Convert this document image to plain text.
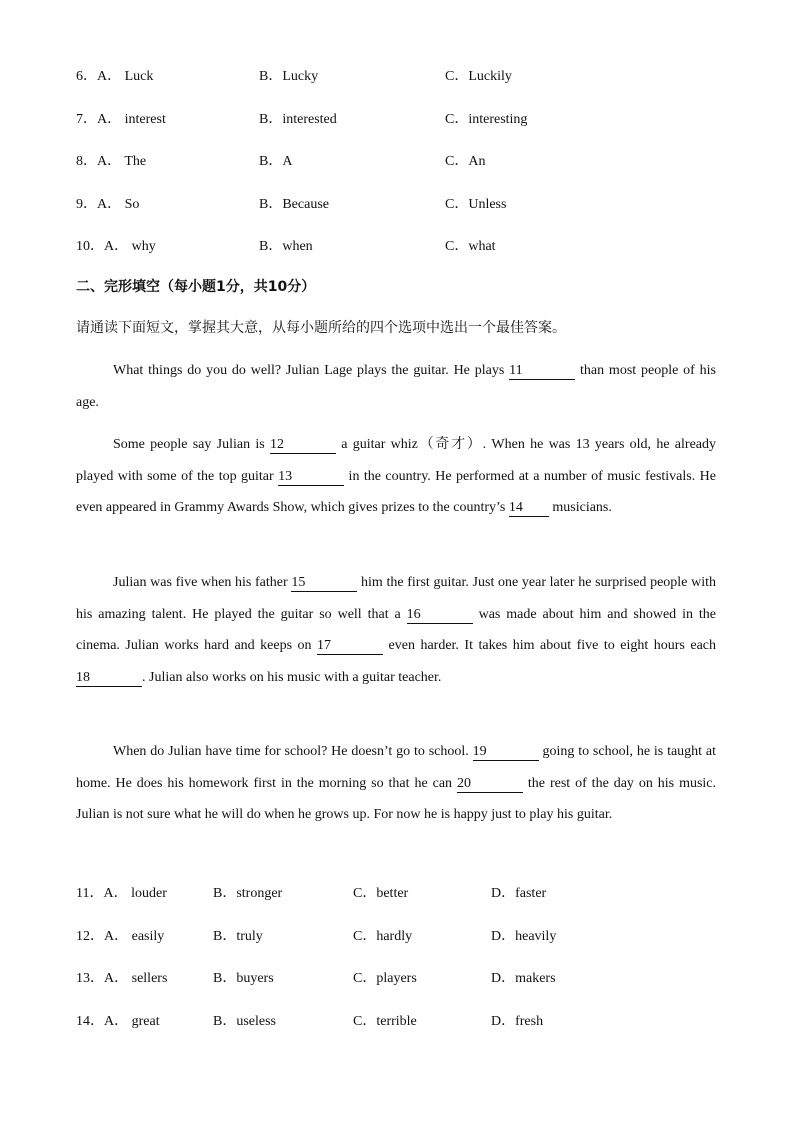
6．A． Luck	B．Lucky	C．Luckily
7．A． interest	B．interested	C．interesting
8．A． The	B．A	C．An
9．A． So	B．Because	C．Unless
10．A． why	B．when	C．what
二、完形填空（每小题1分，共10分）
请通读下面短文，掌握其大意，从每小题所给的四个选项中选出一个最佳答案。
What things do you do well? Julian Lage plays the guitar. He plays 11	than most people of his age.
Some people say Julian is 12	a guitar whiz（奇才）. When he was 13 years old, he already played with some of the top guitar 13	in the country. He performed at a number of music festivals. He even appeared in Grammy Awards Show, which gives prizes to the country’s 14 musicians.
Julian was five when his father 15	him the first guitar. Just one year later he surprised people with his amazing talent. He played the guitar so well that a 16	was made about him and showed in the cinema. Julian works hard and keeps on 17	even harder. It takes him about five to eight hours each 18	. Julian also works on his music with a guitar teacher.
When do Julian have time for school? He doesn’t go to school. 19	going to school, he is taught at home. He does his homework first in the morning so that he can 20	the rest of the day on his music. Julian is not sure what he will do when he grows up. For now he is happy just to play his guitar.
11．A． louder	B．stronger	C．better	D．faster
12．A． easily	B．truly	C．hardly	D．heavily
13．A． sellers	B．buyers	C．players	D．makers
14．A． great	B．useless	C．terrible	D．fresh
